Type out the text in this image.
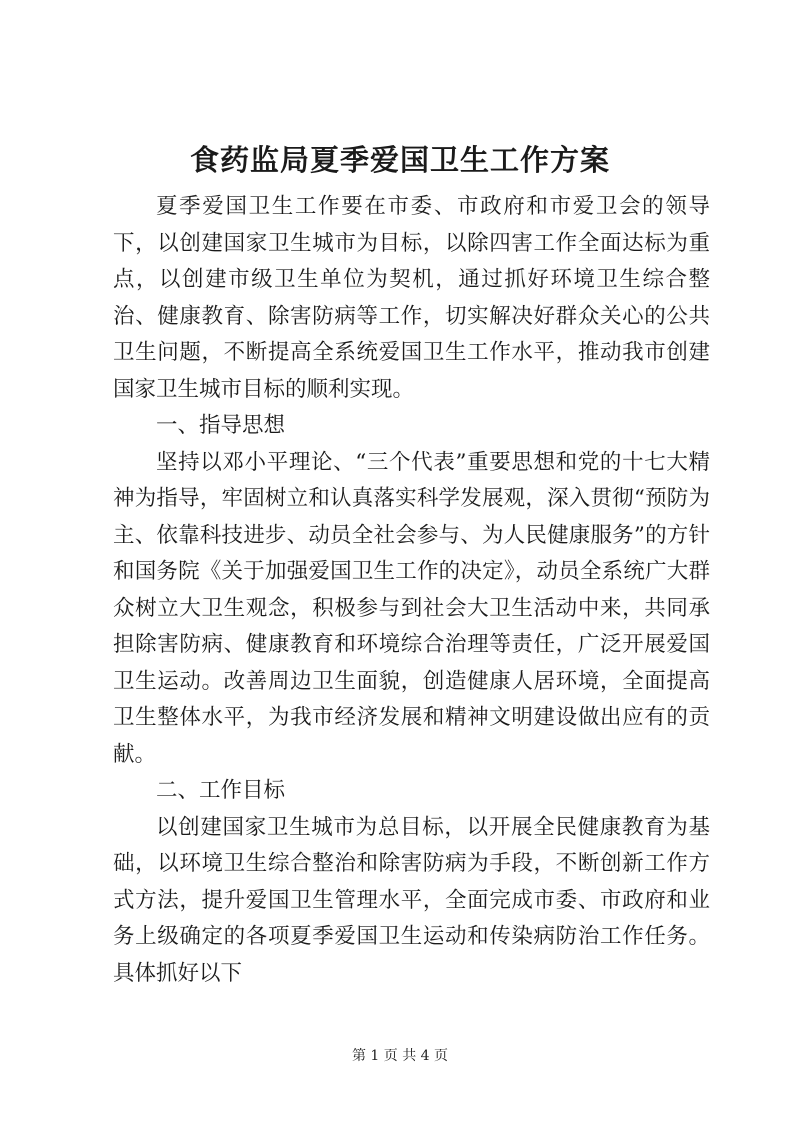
食药监局夏季爱国卫生工作方案

夏季爱国卫生工作要在市委、市政府和市爱卫会的领导下，以创建国家卫生城市为目标，以除四害工作全面达标为重点，以创建市级卫生单位为契机，通过抓好环境卫生综合整治、健康教育、除害防病等工作，切实解决好群众关心的公共卫生问题，不断提高全系统爱国卫生工作水平，推动我市创建国家卫生城市目标的顺利实现。

一、指导思想

坚持以邓小平理论、“三个代表”重要思想和党的十七大精神为指导，牢固树立和认真落实科学发展观，深入贯彻“预防为主、依靠科技进步、动员全社会参与、为人民健康服务”的方针和国务院《关于加强爱国卫生工作的决定》，动员全系统广大群众树立大卫生观念，积极参与到社会大卫生活动中来，共同承担除害防病、健康教育和环境综合治理等责任，广泛开展爱国卫生运动。改善周边卫生面貌，创造健康人居环境，全面提高卫生整体水平，为我市经济发展和精神文明建设做出应有的贡献。

二、工作目标

以创建国家卫生城市为总目标，以开展全民健康教育为基础，以环境卫生综合整治和除害防病为手段，不断创新工作方式方法，提升爱国卫生管理水平，全面完成市委、市政府和业务上级确定的各项夏季爱国卫生运动和传染病防治工作任务。具体抓好以下

第 1 页 共 4 页
